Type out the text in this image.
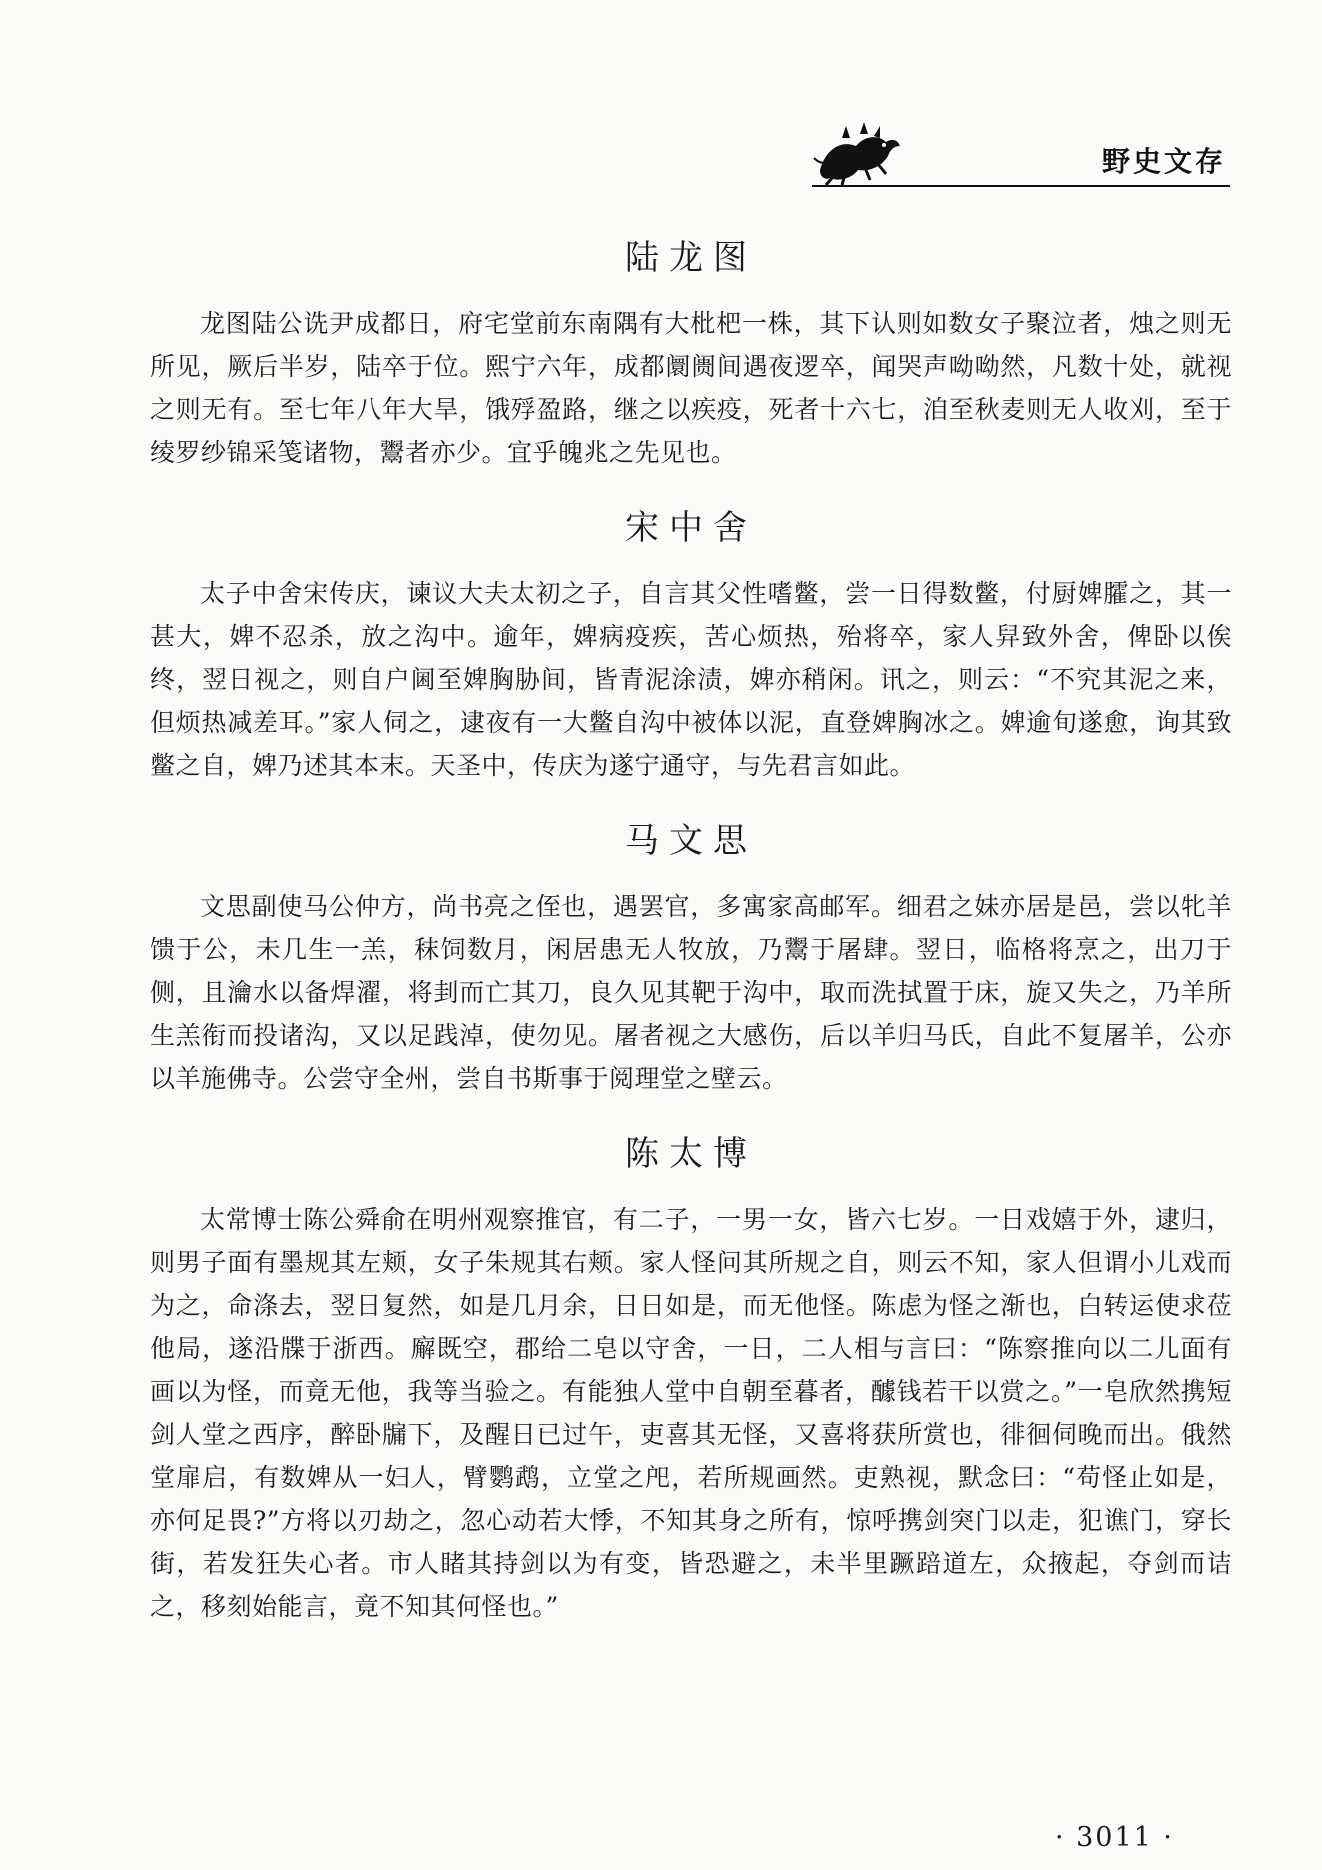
野史文存
陆龙图

龙图陆公诜尹成都日，府宅堂前东南隅有大枇杷一株，其下认则如数女子聚泣者，烛之则无所见，厥后半岁，陆卒于位。熙宁六年，成都阛阓间遇夜逻卒，闻哭声呦呦然，凡数十处，就视之则无有。至七年八年大旱，饿殍盈路，继之以疾疫，死者十六七，洎至秋麦则无人收刈，至于绫罗纱锦采笺诸物，鬻者亦少。宜乎魄兆之先见也。

宋中舍

太子中舍宋传庆，谏议大夫太初之子，自言其父性嗜鳖，尝一日得数鳖，付厨婢臛之，其一甚大，婢不忍杀，放之沟中。逾年，婢病疫疾，苦心烦热，殆将卒，家人舁致外舍，俾卧以俟终，翌日视之，则自户阃至婢胸胁间，皆青泥涂渍，婢亦稍闲。讯之，则云：“不究其泥之来，但烦热减差耳。”家人伺之，逮夜有一大鳖自沟中被体以泥，直登婢胸冰之。婢逾旬遂愈，询其致鳖之自，婢乃述其本末。天圣中，传庆为遂宁通守，与先君言如此。

马文思

文思副使马公仲方，尚书亮之侄也，遇罢官，多寓家高邮军。细君之妹亦居是邑，尝以牝羊馈于公，未几生一羔，秣饲数月，闲居患无人牧放，乃鬻于屠肆。翌日，临格将烹之，出刀于侧，且瀹水以备焊濯，将刲而亡其刀，良久见其靶于沟中，取而洗拭置于床，旋又失之，乃羊所生羔衔而投诸沟，又以足践淖，使勿见。屠者视之大感伤，后以羊归马氏，自此不复屠羊，公亦以羊施佛寺。公尝守全州，尝自书斯事于阅理堂之壁云。

陈太博

太常博士陈公舜俞在明州观察推官，有二子，一男一女，皆六七岁。一日戏嬉于外，逮归，则男子面有墨规其左颊，女子朱规其右颊。家人怪问其所规之自，则云不知，家人但谓小儿戏而为之，命涤去，翌日复然，如是几月余，日日如是，而无他怪。陈虑为怪之渐也，白转运使求莅他局，遂沿牒于浙西。廨既空，郡给二皂以守舍，一日，二人相与言曰：“陈察推向以二儿面有画以为怪，而竟无他，我等当验之。有能独人堂中自朝至暮者，醵钱若干以赏之。”一皂欣然携短剑人堂之西序，醉卧牖下，及醒日已过午，吏喜其无怪，又喜将获所赏也，徘徊伺晚而出。俄然堂扉启，有数婢从一妇人，臂鹦鹉，立堂之戺，若所规画然。吏熟视，默念曰：“苟怪止如是，亦何足畏?”方将以刃劫之，忽心动若大悸，不知其身之所有，惊呼携剑突门以走，犯谯门，穿长街，若发狂失心者。市人睹其持剑以为有变，皆恐避之，未半里蹶踣道左，众掖起，夺剑而诘之，移刻始能言，竟不知其何怪也。”

· 3011 ·
